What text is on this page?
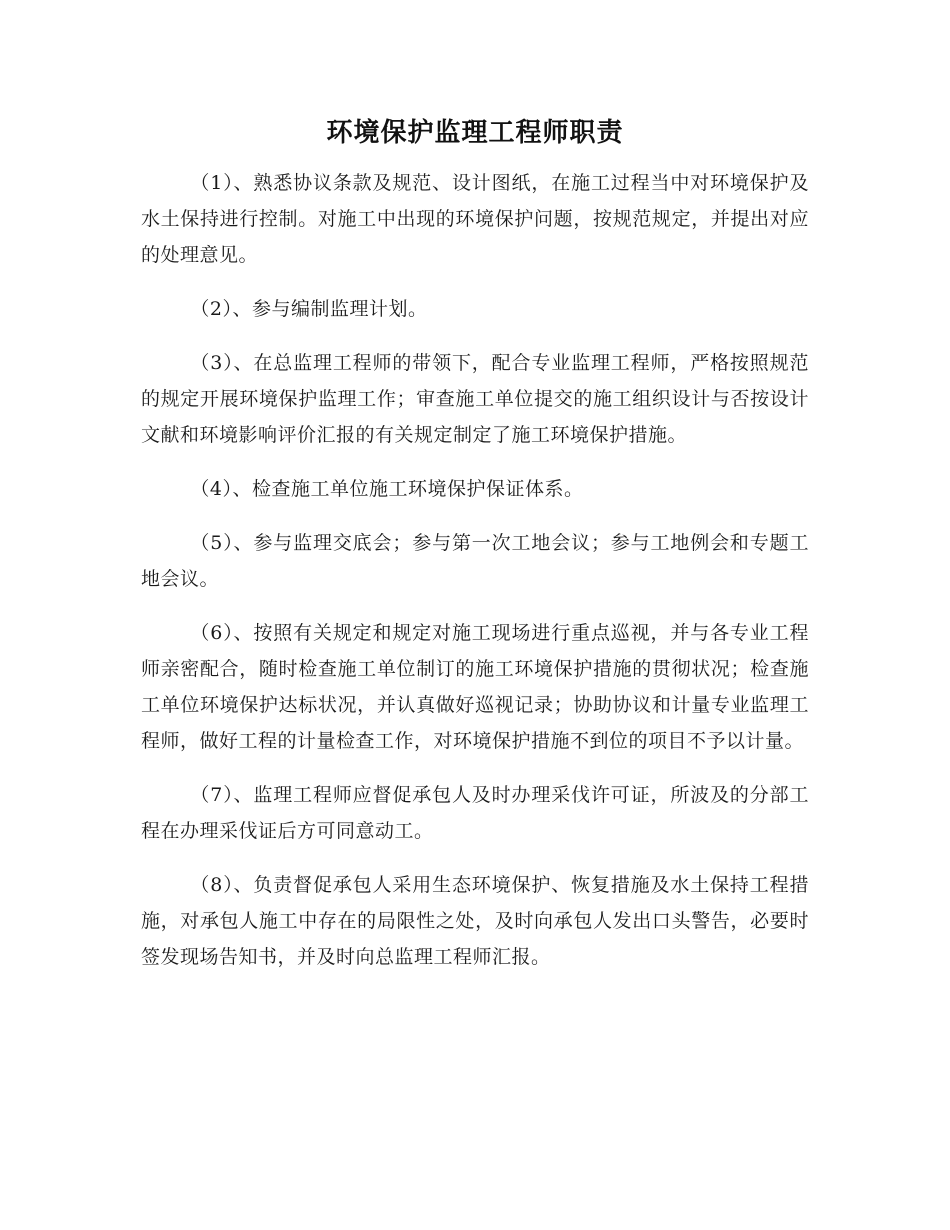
环境保护监理工程师职责

（1）、熟悉协议条款及规范、设计图纸，在施工过程当中对环境保护及水土保持进行控制。对施工中出现的环境保护问题，按规范规定，并提出对应的处理意见。

（2）、参与编制监理计划。

（3）、在总监理工程师的带领下，配合专业监理工程师，严格按照规范的规定开展环境保护监理工作；审查施工单位提交的施工组织设计与否按设计文献和环境影响评价汇报的有关规定制定了施工环境保护措施。

（4）、检查施工单位施工环境保护保证体系。

（5）、参与监理交底会；参与第一次工地会议；参与工地例会和专题工地会议。

（6）、按照有关规定和规定对施工现场进行重点巡视，并与各专业工程师亲密配合，随时检查施工单位制订的施工环境保护措施的贯彻状况；检查施工单位环境保护达标状况，并认真做好巡视记录；协助协议和计量专业监理工程师，做好工程的计量检查工作，对环境保护措施不到位的项目不予以计量。

（7）、监理工程师应督促承包人及时办理采伐许可证，所波及的分部工程在办理采伐证后方可同意动工。

（8）、负责督促承包人采用生态环境保护、恢复措施及水土保持工程措施，对承包人施工中存在的局限性之处，及时向承包人发出口头警告，必要时签发现场告知书，并及时向总监理工程师汇报。
